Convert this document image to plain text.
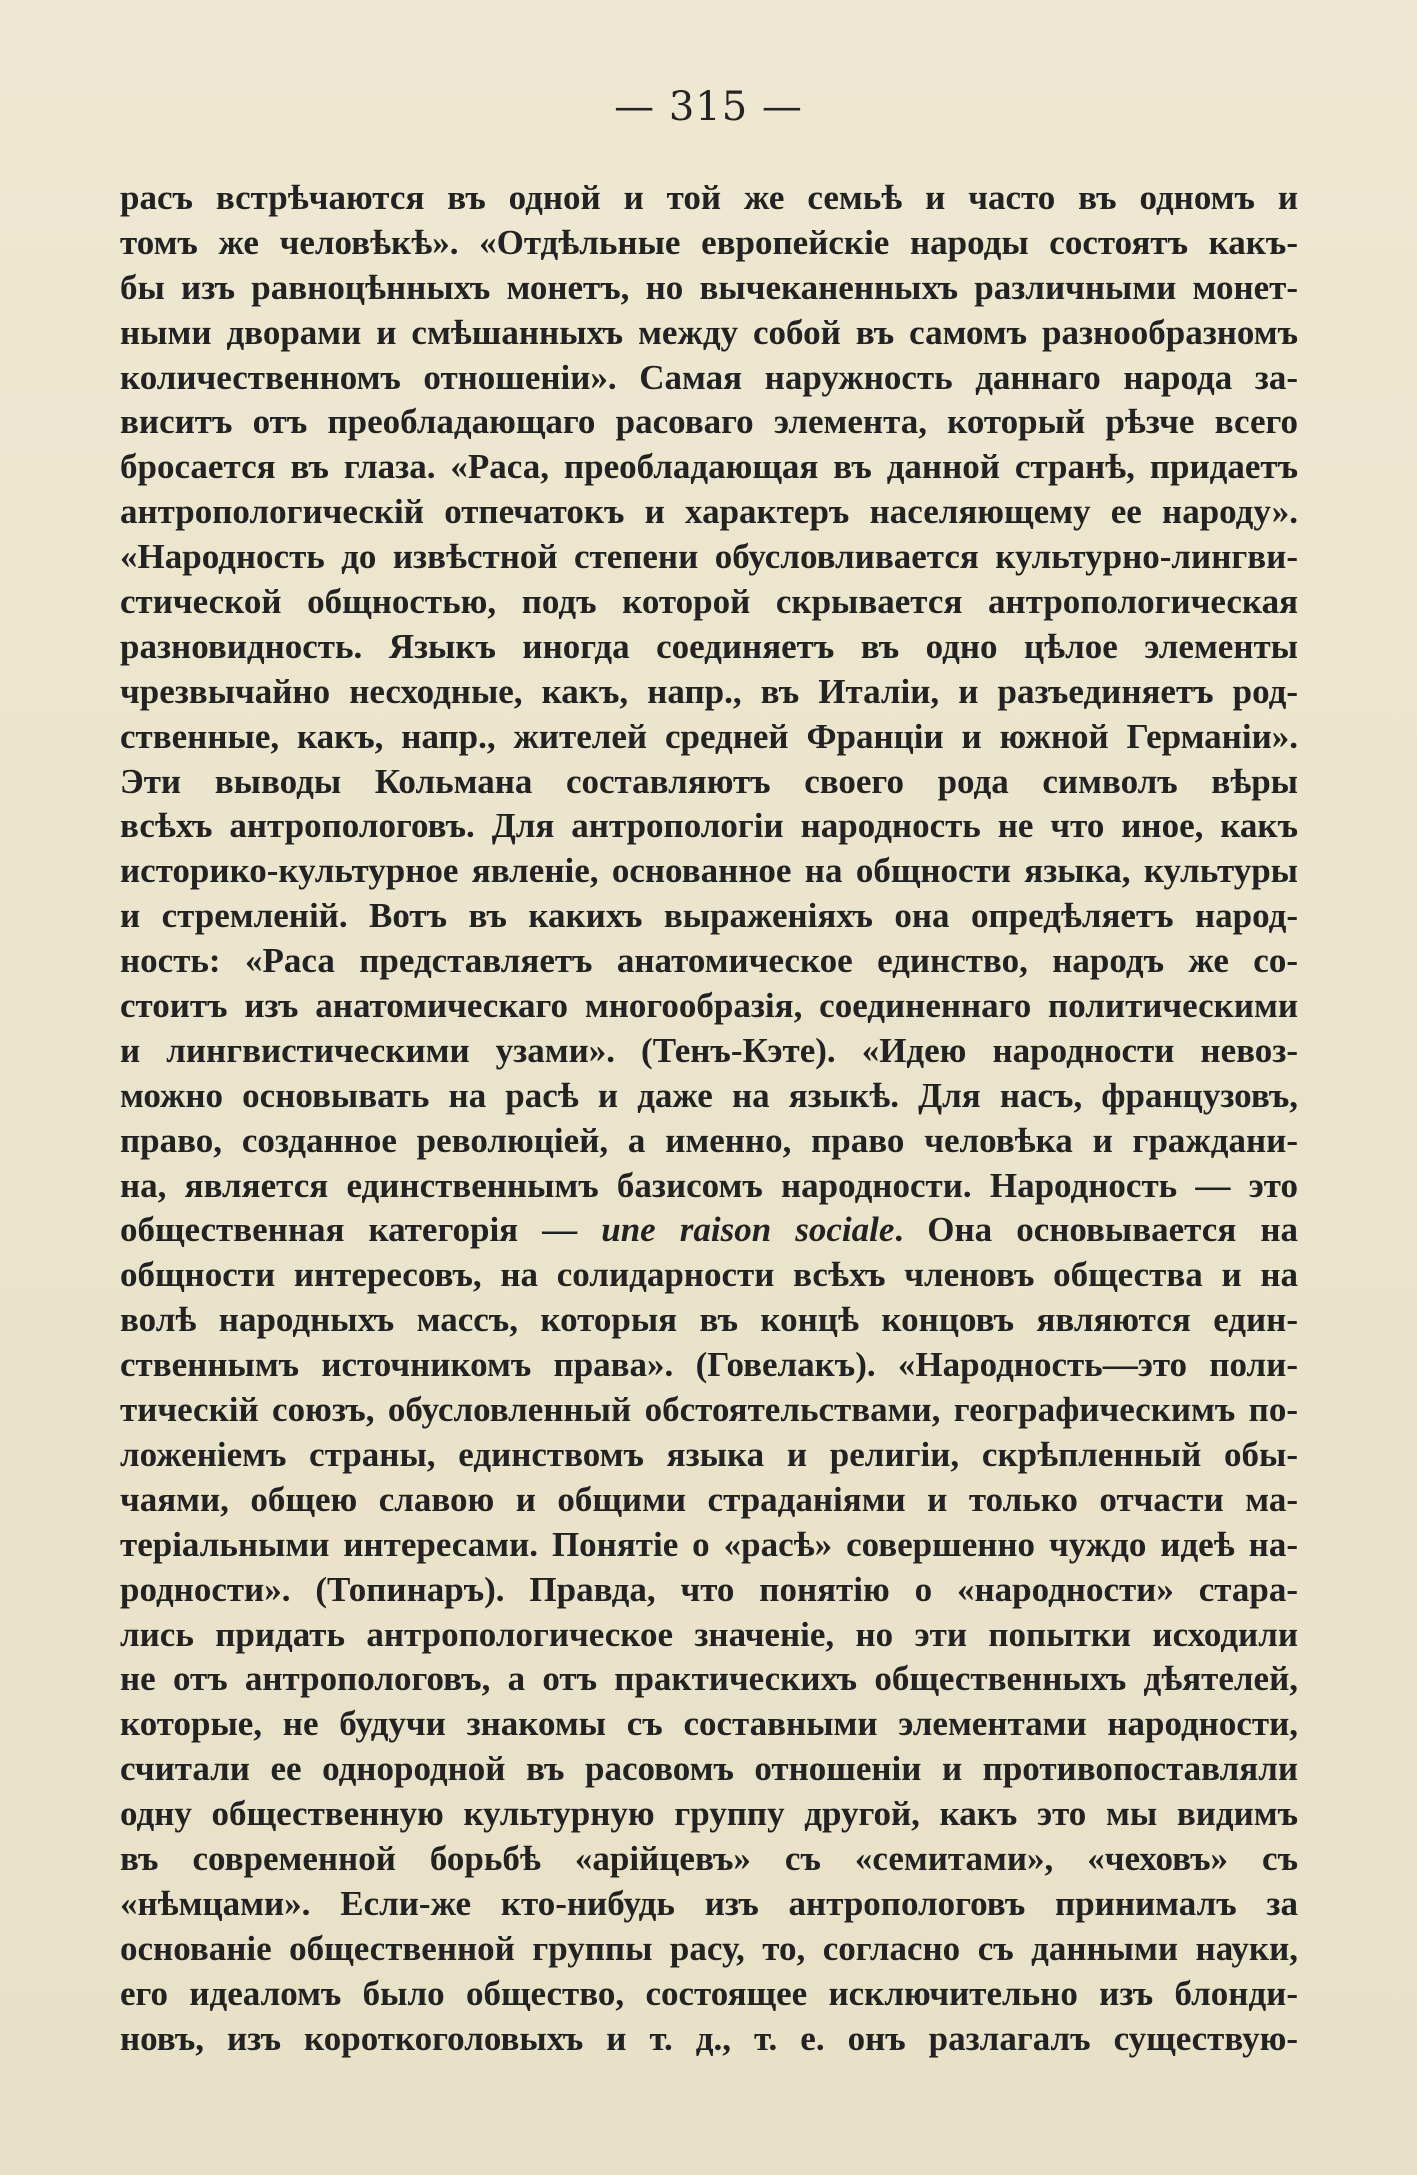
— 315 —
расъ встрѣчаются въ одной и той же семьѣ и часто въ одномъ и
томъ же человѣкѣ». «Отдѣльные европейскіе народы состоятъ какъ-
бы изъ равноцѣнныхъ монетъ, но вычеканенныхъ различными монет-
ными дворами и смѣшанныхъ между собой въ самомъ разнообразномъ
количественномъ отношеніи». Самая наружность даннаго народа за-
виситъ отъ преобладающаго расоваго элемента, который рѣзче всего
бросается въ глаза. «Раса, преобладающая въ данной странѣ, придаетъ
антропологическій отпечатокъ и характеръ населяющему ее народу».
«Народность до извѣстной степени обусловливается культурно-лингви-
стической общностью, подъ которой скрывается антропологическая
разновидность. Языкъ иногда соединяетъ въ одно цѣлое элементы
чрезвычайно несходные, какъ, напр., въ Италіи, и разъединяетъ род-
ственные, какъ, напр., жителей средней Франціи и южной Германіи».
Эти выводы Кольмана составляютъ своего рода символъ вѣры
всѣхъ антропологовъ. Для антропологіи народность не что иное, какъ
историко-культурное явленіе, основанное на общности языка, культуры
и стремленій. Вотъ въ какихъ выраженіяхъ она опредѣляетъ народ-
ность: «Раса представляетъ анатомическое единство, народъ же со-
стоитъ изъ анатомическаго многообразія, соединеннаго политическими
и лингвистическими узами». (Тенъ-Кэте). «Идею народности невоз-
можно основывать на расѣ и даже на языкѣ. Для насъ, французовъ,
право, созданное революціей, а именно, право человѣка и граждани-
на, является единственнымъ базисомъ народности. Народность — это
общественная категорія — une raison sociale. Она основывается на
общности интересовъ, на солидарности всѣхъ членовъ общества и на
волѣ народныхъ массъ, которыя въ концѣ концовъ являются един-
ственнымъ источникомъ права». (Говелакъ). «Народность—это поли-
тическій союзъ, обусловленный обстоятельствами, географическимъ по-
ложеніемъ страны, единствомъ языка и религіи, скрѣпленный обы-
чаями, общею славою и общими страданіями и только отчасти ма-
теріальными интересами. Понятіе о «расѣ» совершенно чуждо идеѣ на-
родности». (Топинаръ). Правда, что понятію о «народности» стара-
лись придать антропологическое значеніе, но эти попытки исходили
не отъ антропологовъ, а отъ практическихъ общественныхъ дѣятелей,
которые, не будучи знакомы съ составными элементами народности,
считали ее однородной въ расовомъ отношеніи и противопоставляли
одну общественную культурную группу другой, какъ это мы видимъ
въ современной борьбѣ «арійцевъ» съ «семитами», «чеховъ» съ
«нѣмцами». Если-же кто-нибудь изъ антропологовъ принималъ за
основаніе общественной группы расу, то, согласно съ данными науки,
его идеаломъ было общество, состоящее исключительно изъ блонди-
новъ, изъ короткоголовыхъ и т. д., т. е. онъ разлагалъ существую-
